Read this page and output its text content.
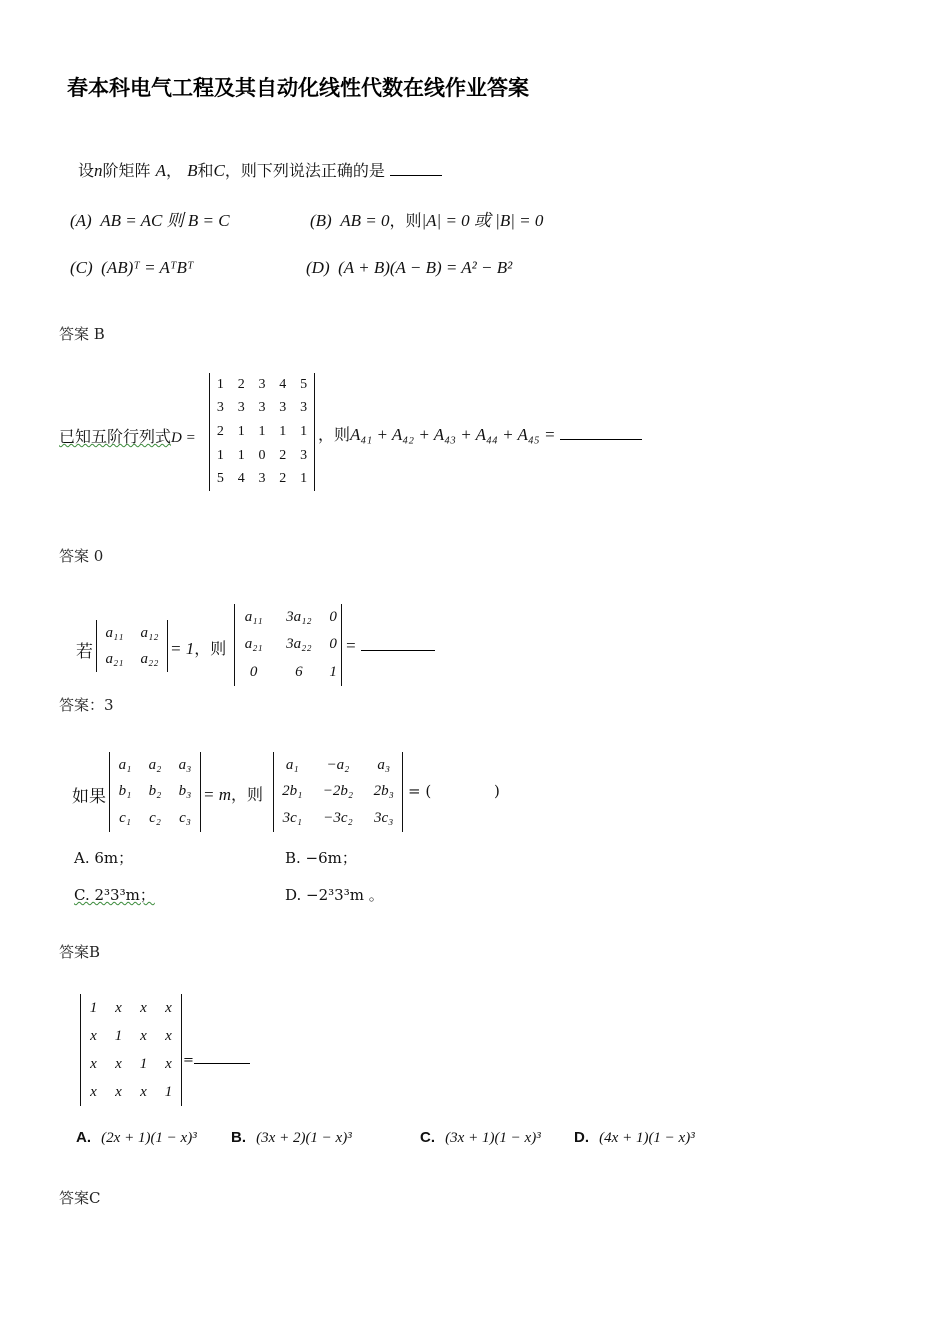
春本科电气工程及其自动化线性代数在线作业答案
设n阶矩阵 A， B和C，则下列说法正确的是
(A) AB = AC 则 B = C	(B) AB = 0，则|A| = 0 或 |B| = 0
(C) (AB)ᵀ = AᵀBᵀ	(D) (A + B)(A − B) = A² − B²
答案 B
已知五阶行列式D =
1	2	3	4	5
3	3	3	3	3
2	1	1	1	1
1	1	0	2	3
5	4	3	2	1
，则A₄₁ + A₄₂ + A₄₃ + A₄₄ + A₄₅ =
答案 0
若
a₁₁	a₁₂
a₂₁	a₂₂
= 1，则
a₁₁	3a₁₂	0
a₂₁	3a₂₂	0
0	6	1
=
答案：3
如果
a₁	a₂	a₃
b₁	b₂	b₃
c₁	c₂	c₃
= m，则
a₁	−a₂	a₃
2b₁	−2b₂	2b₃
3c₁	−3c₂	3c₃
= (	)
A. 6m；	B. −6m；
C. 2³3³m；	D. −2³3³m 。
答案B
1	x	x	x
x	1	x	x
x	x	1	x
x	x	x	1
=
A. (2x + 1)(1 − x)³ B. (3x + 2)(1 − x)³	C. (3x + 1)(1 − x)³ D. (4x + 1)(1 − x)³
答案C
